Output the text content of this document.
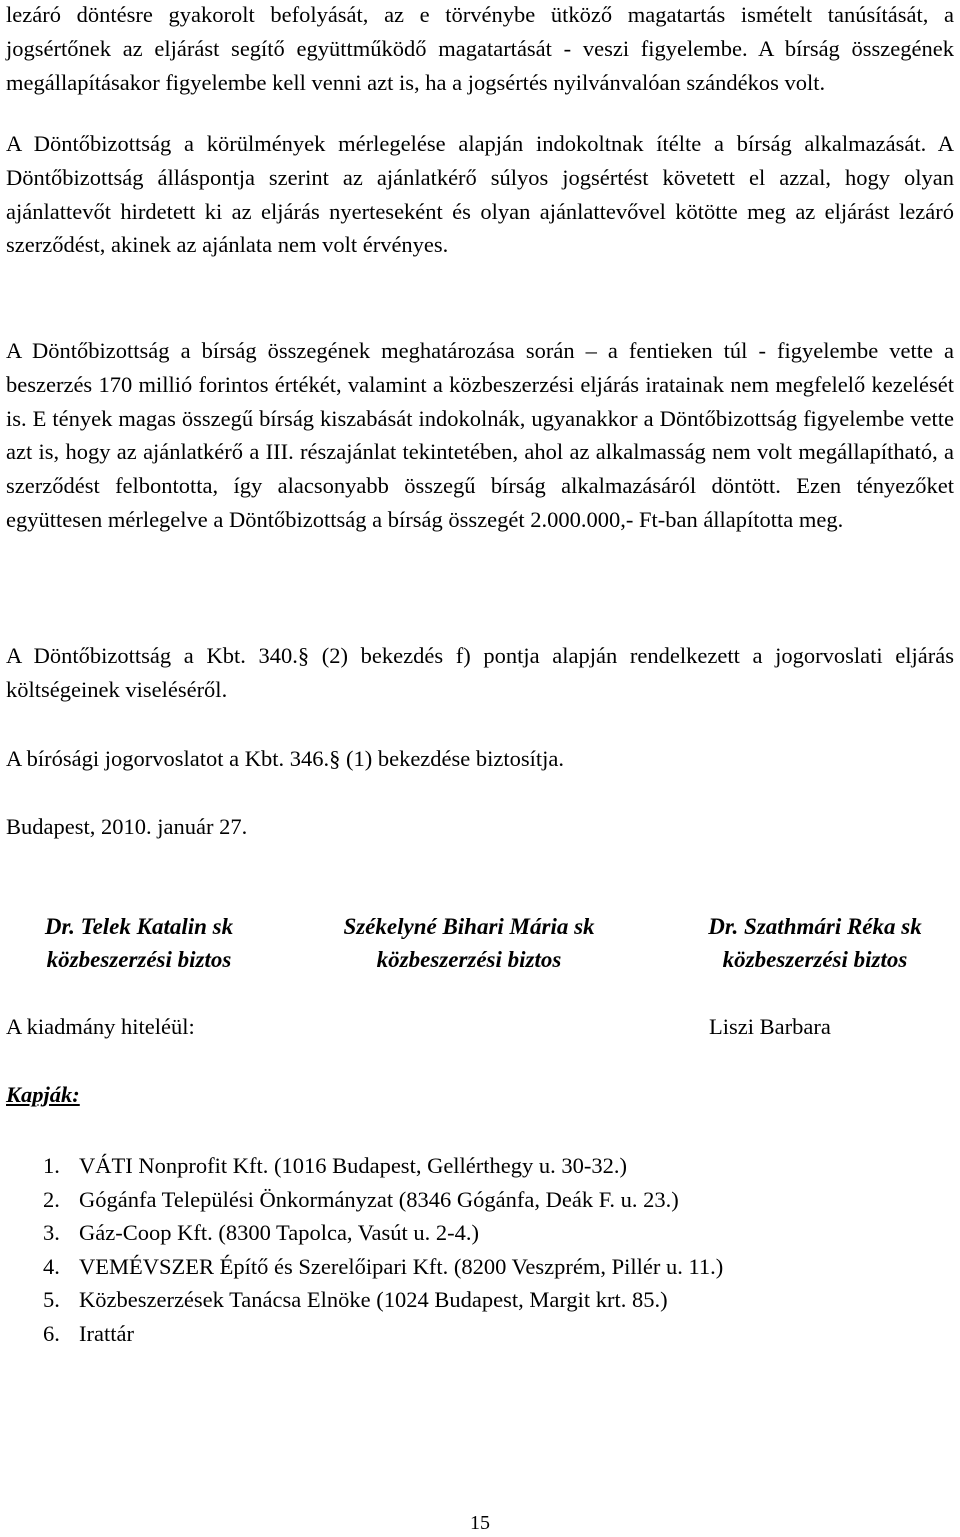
lezáró döntésre gyakorolt befolyását, az e törvénybe ütköző magatartás ismételt tanúsítását, a jogsértőnek az eljárást segítő együttműködő magatartását - veszi figyelembe. A bírság összegének megállapításakor figyelembe kell venni azt is, ha a jogsértés nyilvánvalóan szándékos volt.

A Döntőbizottság a körülmények mérlegelése alapján indokoltnak ítélte a bírság alkalmazását. A Döntőbizottság álláspontja szerint az ajánlatkérő súlyos jogsértést követett el azzal, hogy olyan ajánlattevőt hirdetett ki az eljárás nyerteseként és olyan ajánlattevővel kötötte meg az eljárást lezáró szerződést, akinek az ajánlata nem volt érvényes.

A Döntőbizottság a bírság összegének meghatározása során – a fentieken túl - figyelembe vette a beszerzés 170 millió forintos értékét, valamint a közbeszerzési eljárás iratainak nem megfelelő kezelését is. E tények magas összegű bírság kiszabását indokolnák, ugyanakkor a Döntőbizottság figyelembe vette azt is, hogy az ajánlatkérő a III. részajánlat tekintetében, ahol az alkalmasság nem volt megállapítható, a szerződést felbontotta, így alacsonyabb összegű bírság alkalmazásáról döntött. Ezen tényezőket együttesen mérlegelve a Döntőbizottság a bírság összegét 2.000.000,- Ft-ban állapította meg.

A Döntőbizottság a Kbt. 340.§ (2) bekezdés f) pontja alapján rendelkezett a jogorvoslati eljárás költségeinek viseléséről.

A bírósági jogorvoslatot a Kbt. 346.§ (1) bekezdése biztosítja.

Budapest, 2010. január 27.

Dr. Telek Katalin sk
közbeszerzési biztos
Székelyné Bihari Mária sk
közbeszerzési biztos
Dr. Szathmári Réka sk
közbeszerzési biztos

A kiadmány hiteléül:	Liszi Barbara

Kapják:
1. VÁTI Nonprofit Kft. (1016 Budapest, Gellérthegy u. 30-32.)
2. Gógánfa Települési Önkormányzat (8346 Gógánfa, Deák F. u. 23.)
3. Gáz-Coop Kft. (8300 Tapolca, Vasút u. 2-4.)
4. VEMÉVSZER Építő és Szerelőipari Kft. (8200 Veszprém, Pillér u. 11.)
5. Közbeszerzések Tanácsa Elnöke (1024 Budapest, Margit krt. 85.)
6. Irattár
15
